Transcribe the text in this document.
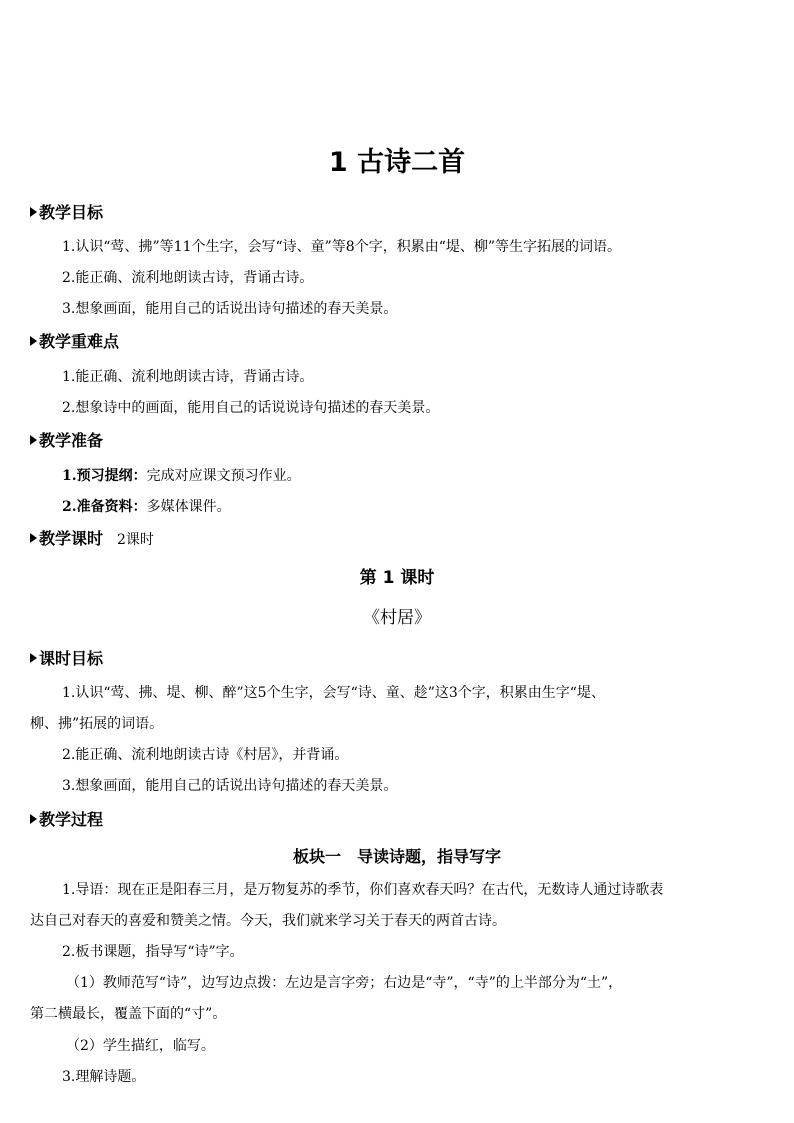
1 古诗二首
教学目标
1.认识“莺、拂”等11个生字，会写“诗、童”等8个字，积累由“堤、柳”等生字拓展的词语。
2.能正确、流利地朗读古诗，背诵古诗。
3.想象画面，能用自己的话说出诗句描述的春天美景。
教学重难点
1.能正确、流利地朗读古诗，背诵古诗。
2.想象诗中的画面，能用自己的话说说诗句描述的春天美景。
教学准备
1.预习提纲：完成对应课文预习作业。
2.准备资料：多媒体课件。
教学课时 2课时
第 1 课时
《村居》
课时目标
1.认识“莺、拂、堤、柳、醉”这5个生字，会写“诗、童、趁”这3个字，积累由生字“堤、
柳、拂”拓展的词语。
2.能正确、流利地朗读古诗《村居》，并背诵。
3.想象画面，能用自己的话说出诗句描述的春天美景。
教学过程
板块一　导读诗题，指导写字
1.导语：现在正是阳春三月，是万物复苏的季节，你们喜欢春天吗？在古代，无数诗人通过诗歌表
达自己对春天的喜爱和赞美之情。今天，我们就来学习关于春天的两首古诗。
2.板书课题，指导写“诗”字。
（1）教师范写“诗”，边写边点拨：左边是言字旁；右边是“寺”，“寺”的上半部分为“土”，
第二横最长，覆盖下面的“寸”。
（2）学生描红，临写。
3.理解诗题。
